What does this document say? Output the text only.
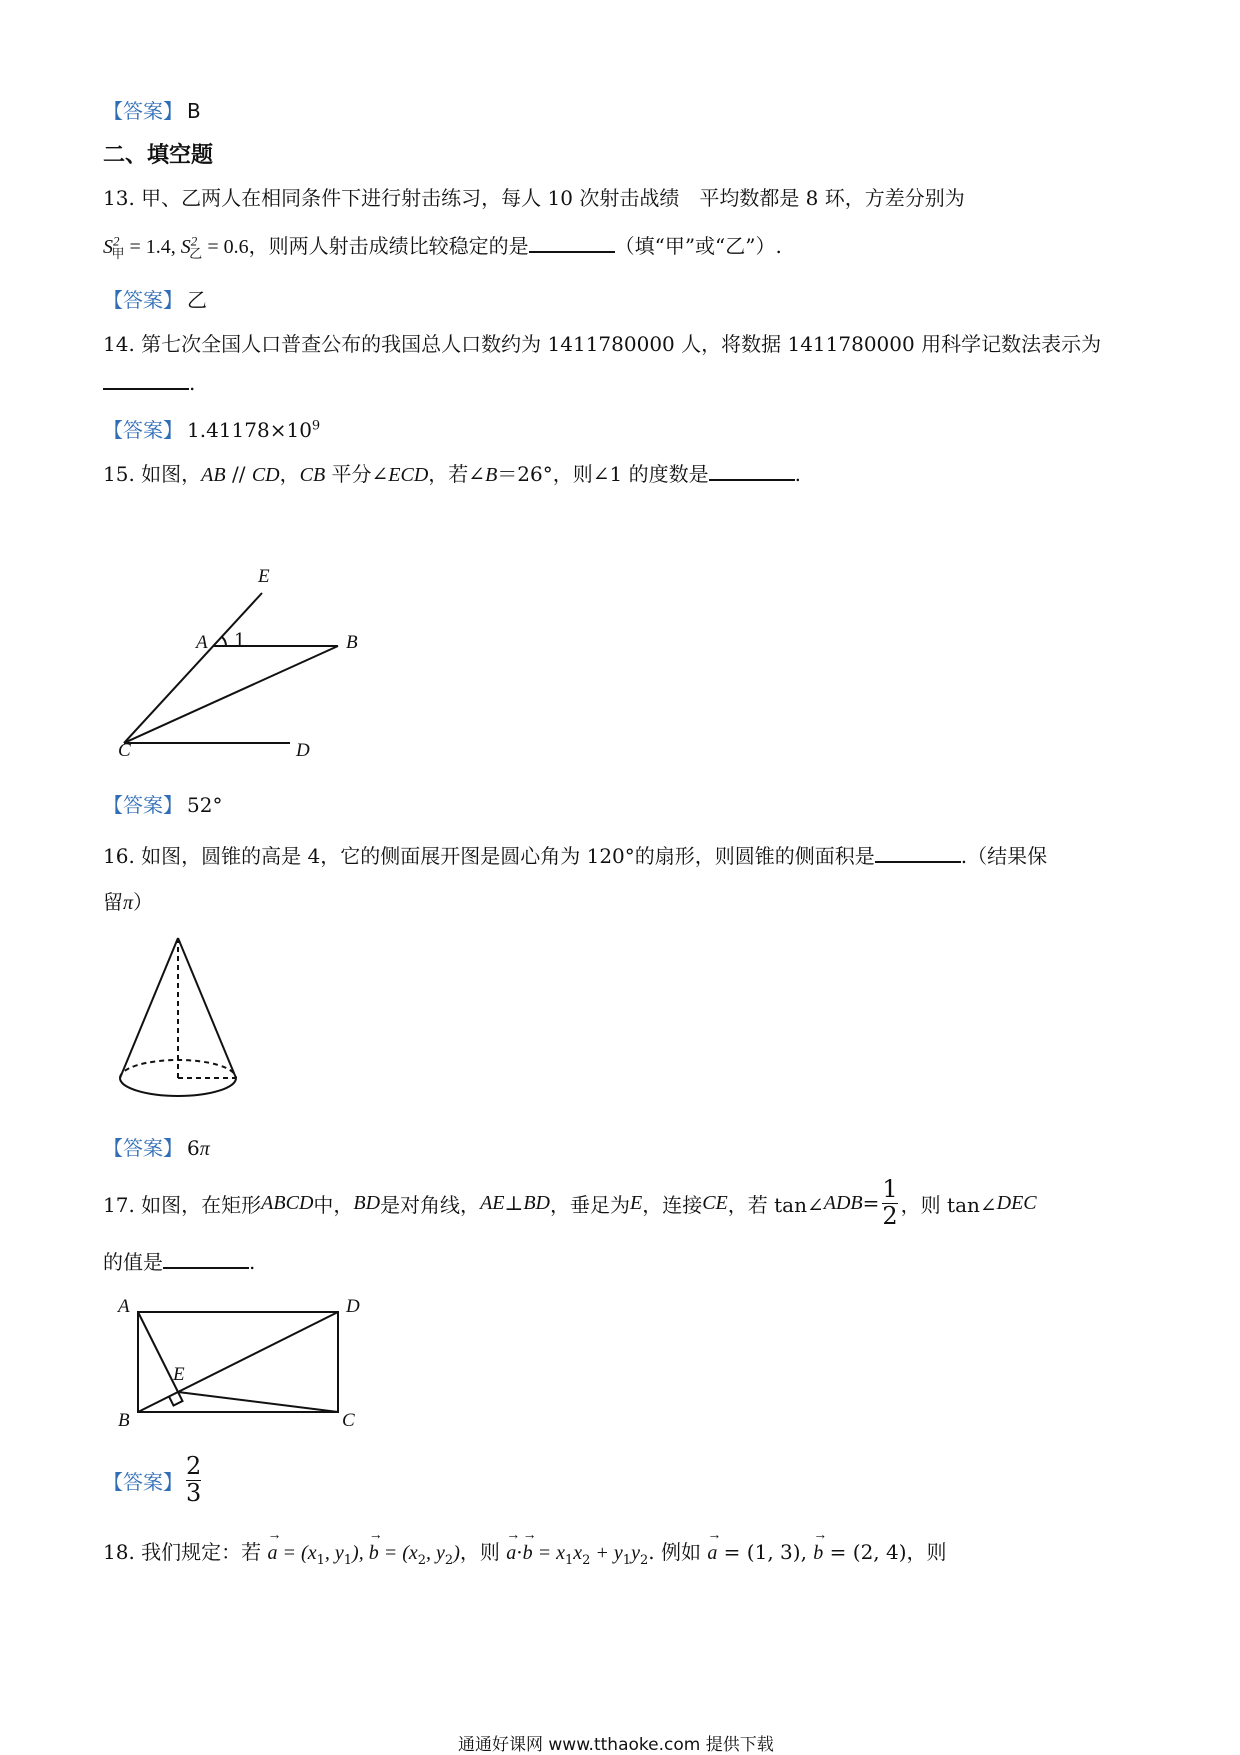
【答案】 B
二、填空题
13. 甲、乙两人在相同条件下进行射击练习，每人 10 次射击战绩　平均数都是 8 环，方差分别为
$S^2_甲 = 1.4$, $S^2_乙 = 0.6$，则两人射击成绩比较稳定的是	（填“甲”或“乙”）.
【答案】 乙
14. 第七次全国人口普查公布的我国总人口数约为 1411780000 人，将数据 1411780000 用科学记数法表示为
.
【答案】 $1.41178\times 10^9$
15. 如图，AB // CD，CB 平分∠ECD，若∠B＝26°，则∠1 的度数是	.
E
A 1	B
C	D
【答案】 52°
16. 如图，圆锥的高是 4，它的侧面展开图是圆心角为 120°的扇形，则圆锥的侧面积是	.（结果保
留π）
【答案】 6π
17. 如图，在矩形 ABCD 中， BD 是对角线， AE ⊥ BD ，垂足为 E ，连接 CE ，若 tan∠ ADB = $\frac{1}{2}$ ，则 tan∠ DEC
的值是	.
A	D
E
B	C
【答案】 $\frac{2}{3}$
18. 我们规定：若 → $a = (x_1$, $y_1$), → $b = (x_2$, $y_2$)，则 → $a\cdot\to b = x_1x_2 + y_1y_2$. 例如 → a = (1, 3), → b = (2, 4)，则
通通好课网 www.tthaoke.com 提供下载
